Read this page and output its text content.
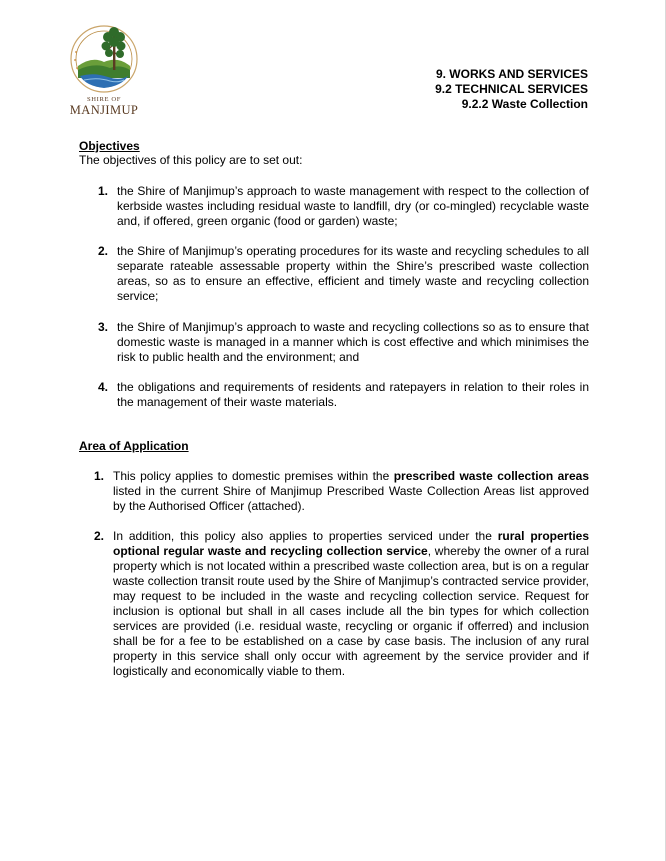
SHIRE OF
MANJIMUP
9. WORKS AND SERVICES
9.2 TECHNICAL SERVICES
9.2.2 Waste Collection
Objectives
The objectives of this policy are to set out:
1. the Shire of Manjimup’s approach to waste management with respect to the collection of kerbside wastes including residual waste to landfill, dry (or co-mingled) recyclable waste and, if offered, green organic (food or garden) waste;
2. the Shire of Manjimup’s operating procedures for its waste and recycling schedules to all separate rateable assessable property within the Shire’s prescribed waste collection areas, so as to ensure an effective, efficient and timely waste and recycling collection service;
3. the Shire of Manjimup’s approach to waste and recycling collections so as to ensure that domestic waste is managed in a manner which is cost effective and which minimises the risk to public health and the environment; and
4. the obligations and requirements of residents and ratepayers in relation to their roles in the management of their waste materials.
Area of Application
1. This policy applies to domestic premises within the prescribed waste collection areas listed in the current Shire of Manjimup Prescribed Waste Collection Areas list approved by the Authorised Officer (attached).
2. In addition, this policy also applies to properties serviced under the rural properties optional regular waste and recycling collection service, whereby the owner of a rural property which is not located within a prescribed waste collection area, but is on a regular waste collection transit route used by the Shire of Manjimup’s contracted service provider, may request to be included in the waste and recycling collection service. Request for inclusion is optional but shall in all cases include all the bin types for which collection services are provided (i.e. residual waste, recycling or organic if offerred) and inclusion shall be for a fee to be established on a case by case basis. The inclusion of any rural property in this service shall only occur with agreement by the service provider and if logistically and economically viable to them.
